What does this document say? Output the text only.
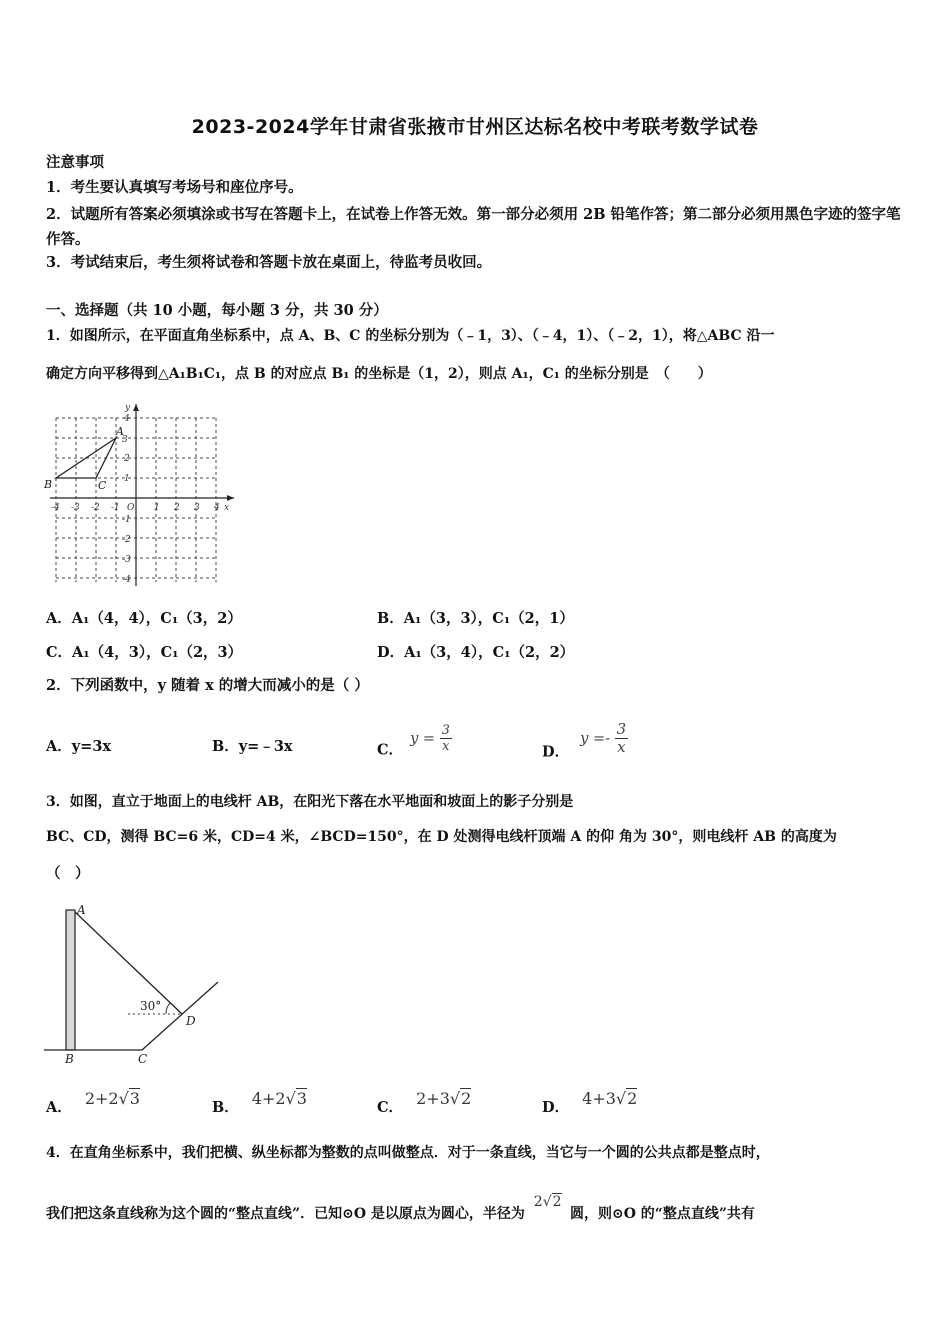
2023-2024学年甘肃省张掖市甘州区达标名校中考联考数学试卷
注意事项
1．考生要认真填写考场号和座位序号。
2．试题所有答案必须填涂或书写在答题卡上，在试卷上作答无效。第一部分必须用 2B 铅笔作答；第二部分必须用黑色字迹的签字笔作答。
3．考试结束后，考生须将试卷和答题卡放在桌面上，待监考员收回。
一、选择题（共 10 小题，每小题 3 分，共 30 分）
1．如图所示，在平面直角坐标系中，点 A、B、C 的坐标分别为（﹣1，3）、（﹣4，1）、（﹣2，1），将△ABC 沿一
确定方向平移得到△A₁B₁C₁，点 B 的对应点 B₁ 的坐标是（1，2），则点 A₁，C₁ 的坐标分别是　（　　）
-4 -3 -2 -1 O 1 2 3 4 x
y
4
3
2
1
-1
-2
-3
-4
A
B	C
A．A₁（4，4），C₁（3，2）	B．A₁（3，3），C₁（2，1）
C．A₁（4，3），C₁（2，3）	D．A₁（3，4），C₁（2，2）
2．下列函数中，y 随着 x 的增大而减小的是（ ）
A．y=3x	B．y=﹣3x	C． $y = \frac{3}{x}$	D． $y =- \frac{3}{x}$
3．如图，直立于地面上的电线杆 AB，在阳光下落在水平地面和坡面上的影子分别是
BC、CD，测得 BC=6 米，CD=4 米，∠BCD=150°，在 D 处测得电线杆顶端 A 的仰 角为 30°，则电线杆 AB 的高度为
（　）
A
B	C
D
30°
A． 2+2√3	B． 4+2√3	C． 2+3√2	D． 4+3√2
4．在直角坐标系中，我们把横、纵坐标都为整数的点叫做整点．对于一条直线，当它与一个圆的公共点都是整点时，
我们把这条直线称为这个圆的“整点直线”．已知⊙O 是以原点为圆心，半径为 2√2 圆，则⊙O 的“整点直线”共有
